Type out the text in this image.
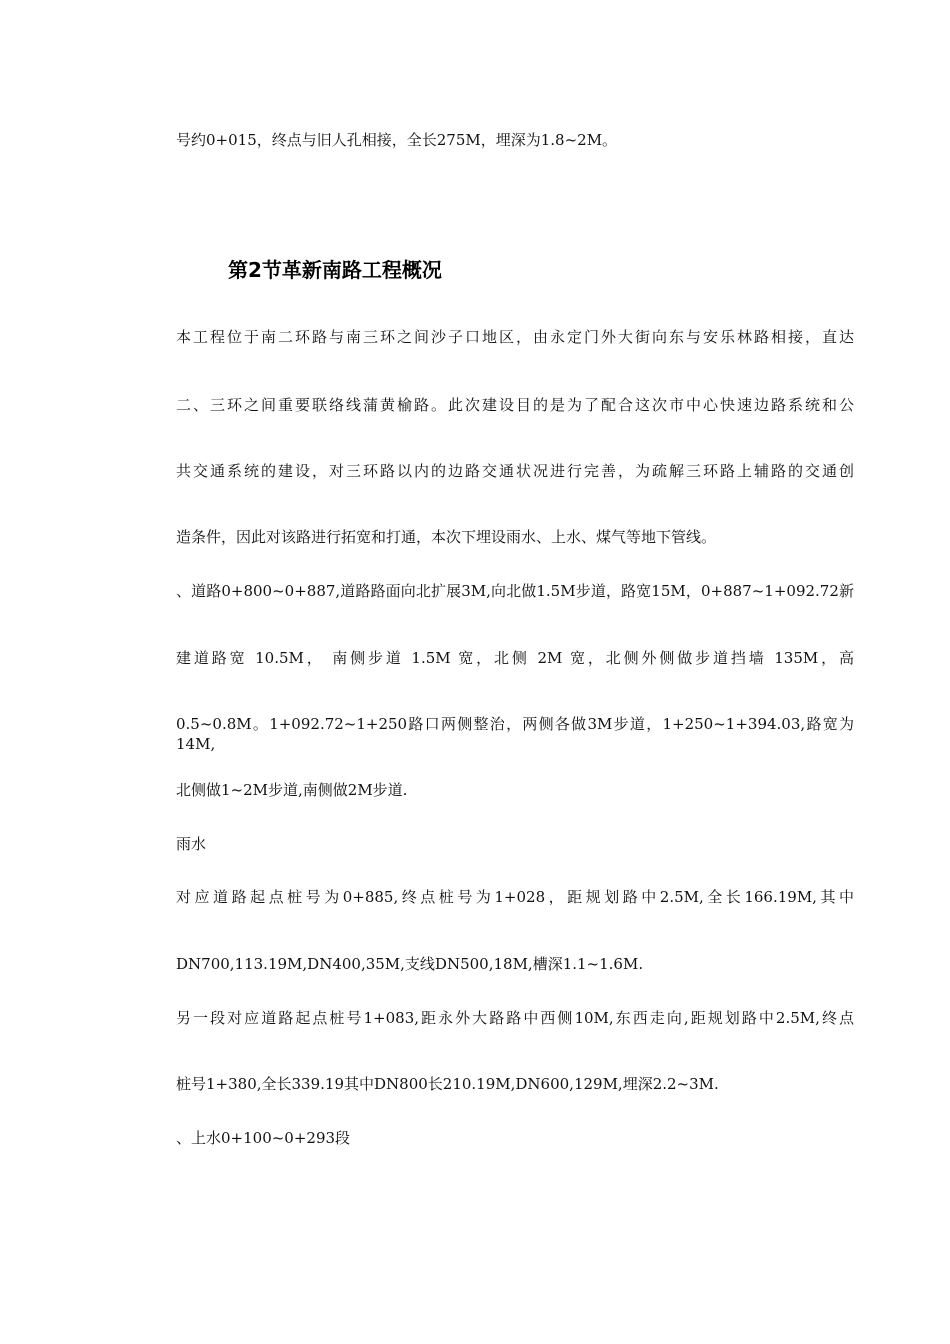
号约0+015，终点与旧人孔相接，全长275M，埋深为1.8~2M。
第2节革新南路工程概况
本工程位于南二环路与南三环之间沙子口地区，由永定门外大街向东与安乐林路相接，直达
二、三环之间重要联络线蒲黄榆路。此次建设目的是为了配合这次市中心快速边路系统和公
共交通系统的建设，对三环路以内的边路交通状况进行完善，为疏解三环路上辅路的交通创
造条件，因此对该路进行拓宽和打通，本次下埋设雨水、上水、煤气等地下管线。
、道路0+800~0+887,道路路面向北扩展3M,向北做1.5M步道，路宽15M，0+887~1+092.72新
建道路宽 10.5M， 南侧步道 1.5M 宽，北侧 2M 宽，北侧外侧做步道挡墙 135M，高
0.5~0.8M。1+092.72~1+250路口两侧整治，两侧各做3M步道，1+250~1+394.03,路宽为14M,
北侧做1~2M步道,南侧做2M步道.
雨水
对应道路起点桩号为0+885,终点桩号为1+028，距规划路中2.5M,全长166.19M,其中
DN700,113.19M,DN400,35M,支线DN500,18M,槽深1.1~1.6M.
另一段对应道路起点桩号1+083,距永外大路路中西侧10M,东西走向,距规划路中2.5M,终点
桩号1+380,全长339.19其中DN800长210.19M,DN600,129M,埋深2.2~3M.
、上水0+100~0+293段
